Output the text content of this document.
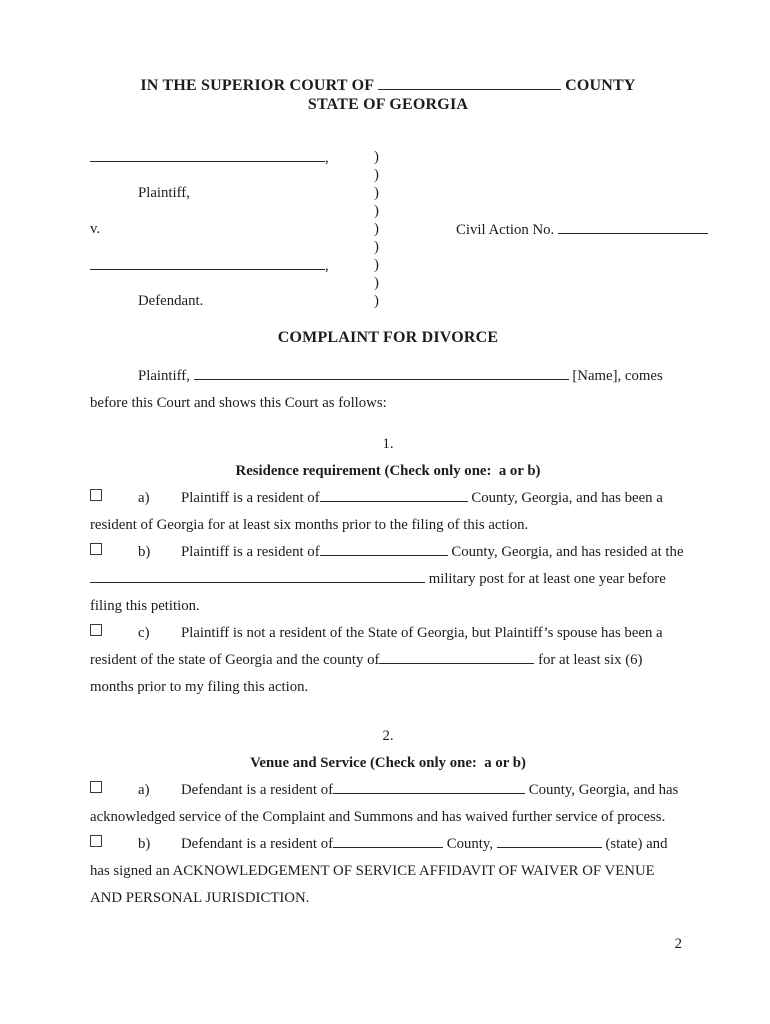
IN THE SUPERIOR COURT OF	COUNTY
STATE OF GEORGIA
,
Plaintiff,
v.
,
Defendant.
)
)
)
)
)
)
)
)
)
Civil Action No.
COMPLAINT FOR DIVORCE

Plaintiff,	[Name], comes before this Court and shows this Court as follows:

1.
Residence requirement (Check only one:  a or b)

a) Plaintiff is a resident of	County, Georgia, and has been a resident of Georgia for at least six months prior to the filing of this action.

b) Plaintiff is a resident of	County, Georgia, and has resided at the  military post for at least one year before filing this petition.

c) Plaintiff is not a resident of the State of Georgia, but Plaintiff’s spouse has been a resident of the state of Georgia and the county of	for at least six (6) months prior to my filing this action.

2.
Venue and Service (Check only one:  a or b)

a) Defendant is a resident of	County, Georgia, and has acknowledged service of the Complaint and Summons and has waived further service of process.

b) Defendant is a resident of	County,	(state) and has signed an ACKNOWLEDGEMENT OF SERVICE AFFIDAVIT OF WAIVER OF VENUE AND PERSONAL JURISDICTION.

2
